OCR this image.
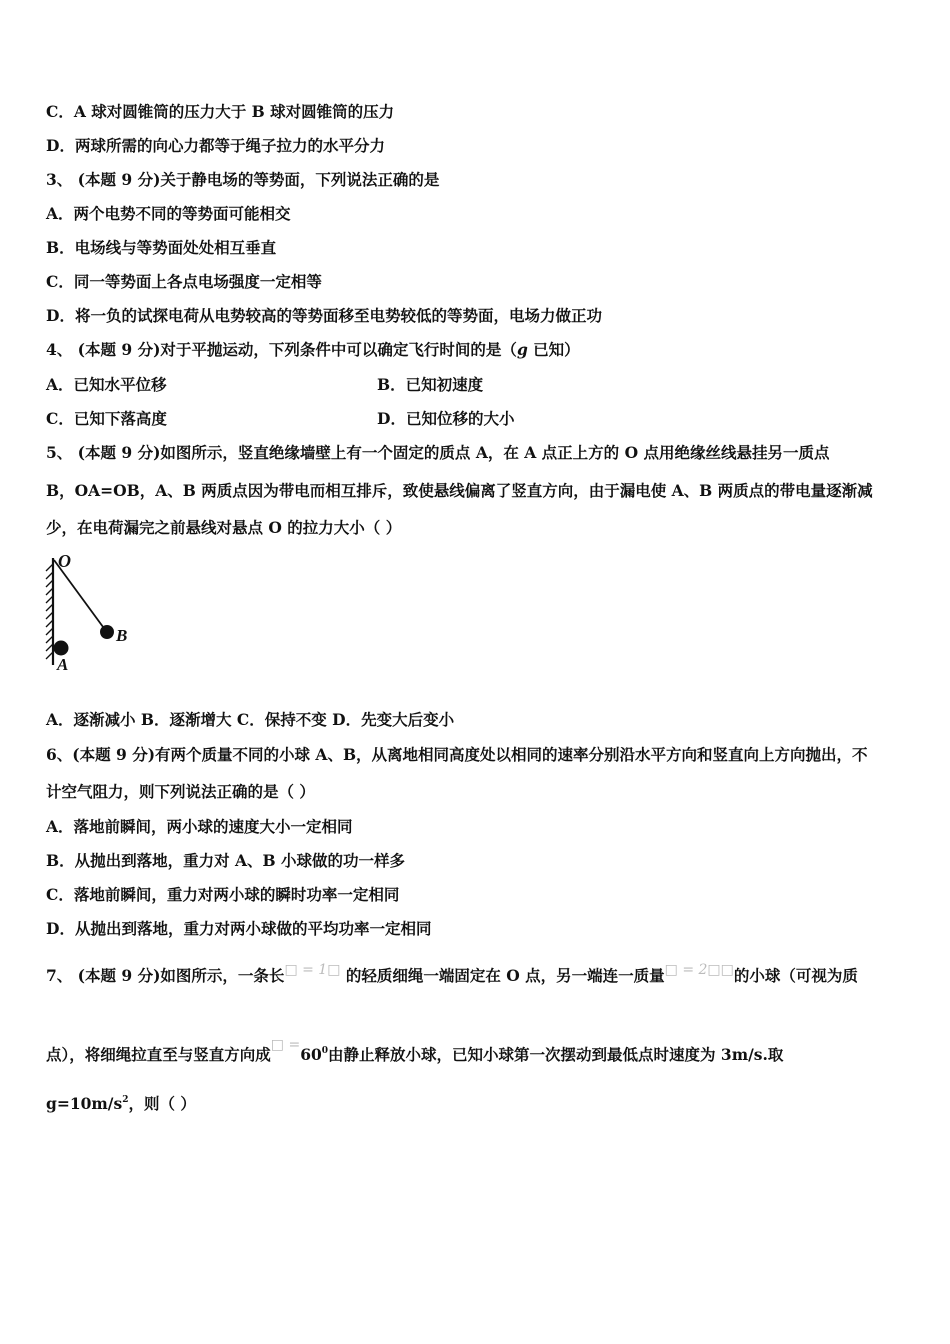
C．A 球对圆锥筒的压力大于 B 球对圆锥筒的压力
D．两球所需的向心力都等于绳子拉力的水平分力
3、 (本题 9 分)关于静电场的等势面，下列说法正确的是
A．两个电势不同的等势面可能相交
B．电场线与等势面处处相互垂直
C．同一等势面上各点电场强度一定相等
D．将一负的试探电荷从电势较高的等势面移至电势较低的等势面，电场力做正功
4、 (本题 9 分)对于平抛运动，下列条件中可以确定飞行时间的是（g 已知）
A．已知水平位移	B．已知初速度
C．已知下落高度	D．已知位移的大小
5、 (本题 9 分)如图所示，竖直绝缘墙壁上有一个固定的质点 A，在 A 点正上方的 O 点用绝缘丝线悬挂另一质点
B，OA=OB，A、B 两质点因为带电而相互排斥，致使悬线偏离了竖直方向，由于漏电使 A、B 两质点的带电量逐渐减
少，在电荷漏完之前悬线对悬点 O 的拉力大小（ ）
O
B
A
A．逐渐减小 B．逐渐增大 C．保持不变 D．先变大后变小
6、(本题 9 分)有两个质量不同的小球 A、B，从离地相同高度处以相同的速率分别沿水平方向和竖直向上方向抛出，不
计空气阻力，则下列说法正确的是（ ）
A．落地前瞬间，两小球的速度大小一定相同
B．从抛出到落地，重力对 A、B 小球做的功一样多
C．落地前瞬间，重力对两小球的瞬时功率一定相同
D．从抛出到落地，重力对两小球做的平均功率一定相同
7、 (本题 9 分)如图所示，一条长□ = 1□ 的轻质细绳一端固定在 O 点，另一端连一质量□ = 2□□的小球（可视为质
点），将细绳拉直至与竖直方向成□ $=60^0$由静止释放小球，已知小球第一次摆动到最低点时速度为 3m/s.取
$g=10m/s^2$，则（ ）
